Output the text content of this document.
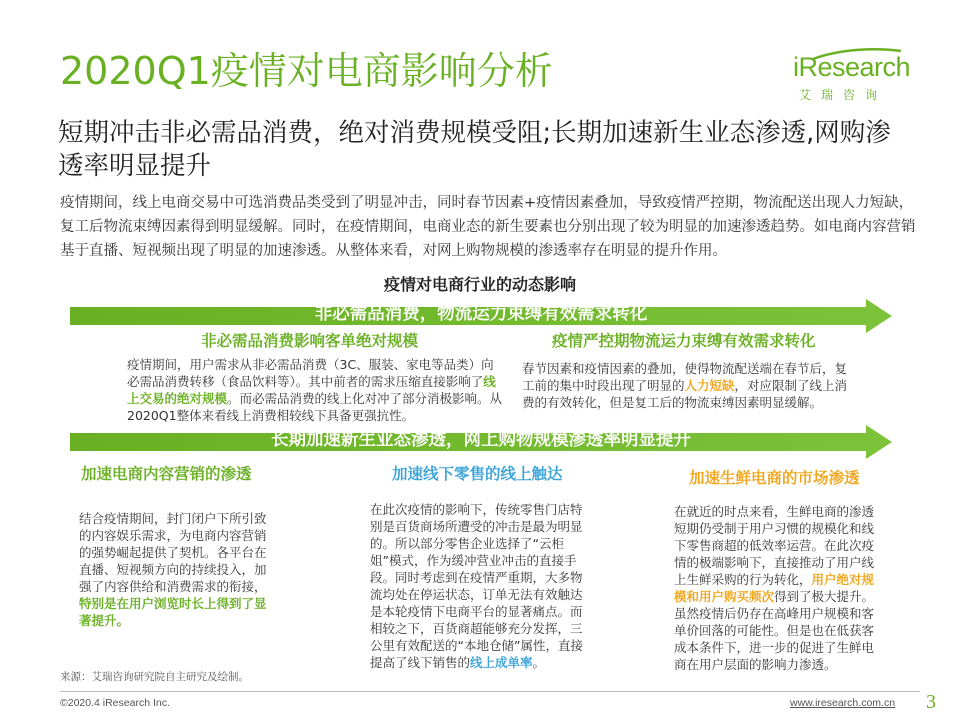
2020Q1疫情对电商影响分析	iResearch
艾瑞咨询
短期冲击非必需品消费，绝对消费规模受阻;长期加速新生业态渗透,网购渗透率明显提升
疫情期间，线上电商交易中可选消费品类受到了明显冲击，同时春节因素+疫情因素叠加，导致疫情严控期，物流配送出现人力短缺，复工后物流束缚因素得到明显缓解。同时，在疫情期间，电商业态的新生要素也分别出现了较为明显的加速渗透趋势。如电商内容营销基于直播、短视频出现了明显的加速渗透。从整体来看，对网上购物规模的渗透率存在明显的提升作用。
疫情对电商行业的动态影响
非必需品消费，物流运力束缚有效需求转化
非必需品消费影响客单绝对规模	疫情严控期物流运力束缚有效需求转化
疫情期间，用户需求从非必需品消费（3C、服装、家电等品类）向必需品消费转移（食品饮料等）。其中前者的需求压缩直接影响了线上交易的绝对规模。而必需品消费的线上化对冲了部分消极影响。从2020Q1整体来看线上消费相较线下具备更强抗性。
春节因素和疫情因素的叠加，使得物流配送端在春节后，复工前的集中时段出现了明显的人力短缺，对应限制了线上消费的有效转化，但是复工后的物流束缚因素明显缓解。
长期加速新生业态渗透，网上购物规模渗透率明显提升
加速电商内容营销的渗透	加速线下零售的线上触达	加速生鲜电商的市场渗透
结合疫情期间，封门闭户下所引致的内容娱乐需求，为电商内容营销的强势崛起提供了契机。各平台在直播、短视频方向的持续投入，加强了内容供给和消费需求的衔接，特别是在用户浏览时长上得到了显著提升。
在此次疫情的影响下，传统零售门店特别是百货商场所遭受的冲击是最为明显的。所以部分零售企业选择了“云柜姐”模式，作为缓冲营业冲击的直接手段。同时考虑到在疫情严重期，大多物流均处在停运状态，订单无法有效触达是本轮疫情下电商平台的显著痛点。而相较之下，百货商超能够充分发挥，三公里有效配送的“本地仓储”属性，直接提高了线下销售的线上成单率。
在就近的时点来看，生鲜电商的渗透短期仍受制于用户习惯的规模化和线下零售商超的低效率运营。在此次疫情的极端影响下，直接推动了用户线上生鲜采购的行为转化，用户绝对规模和用户购买频次得到了极大提升。虽然疫情后仍存在高峰用户规模和客单价回落的可能性。但是也在低获客成本条件下，进一步的促进了生鲜电商在用户层面的影响力渗透。
来源：艾瑞咨询研究院自主研究及绘制。
©2020.4 iResearch Inc.	www.iresearch.com.cn 3
